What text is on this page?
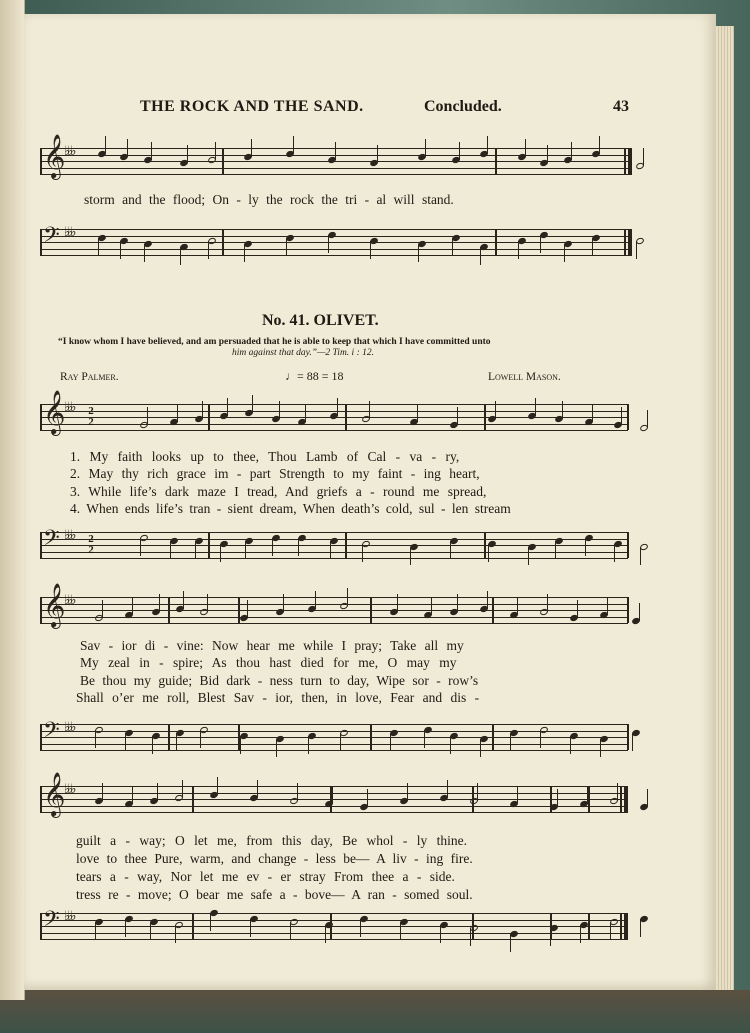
THE ROCK AND THE SAND.	Concluded.	43
𝄞
♭♭♭
𝄢 ♭♭♭
storm and the flood; On - ly the rock the tri - al will stand.
No. 41. OLIVET.
“I know whom I have believed, and am persuaded that he is able to keep that which I have committed unto
him against that day.”—2 Tim. i : 12.
Ray Palmer.	♩= 88 = 18	Lowell Mason.
𝄞
♭♭♭ 2
2
𝄢 ♭♭♭ 2
2
𝄞
♭♭♭
𝄢 ♭♭♭
𝄞
♭♭♭
𝄢 ♭♭♭
1. My faith looks up to thee, Thou Lamb of Cal - va - ry,
2. May thy rich grace im - part Strength to my faint - ing heart,
3. While life’s dark maze I tread, And griefs a - round me spread,
4. When ends life’s tran - sient dream, When death’s cold, sul - len stream
Sav - ior di - vine: Now hear me while I pray; Take all my
My zeal in - spire; As thou hast died for me, O may my
Be thou my guide; Bid dark - ness turn to day, Wipe sor - row’s
Shall o’er me roll, Blest Sav - ior, then, in love, Fear and dis -
guilt a - way; O let me, from this day, Be whol - ly thine.
love to thee Pure, warm, and change - less be— A liv - ing fire.
tears a - way, Nor let me ev - er stray From thee a - side.
tress re - move; O bear me safe a - bove— A ran - somed soul.
